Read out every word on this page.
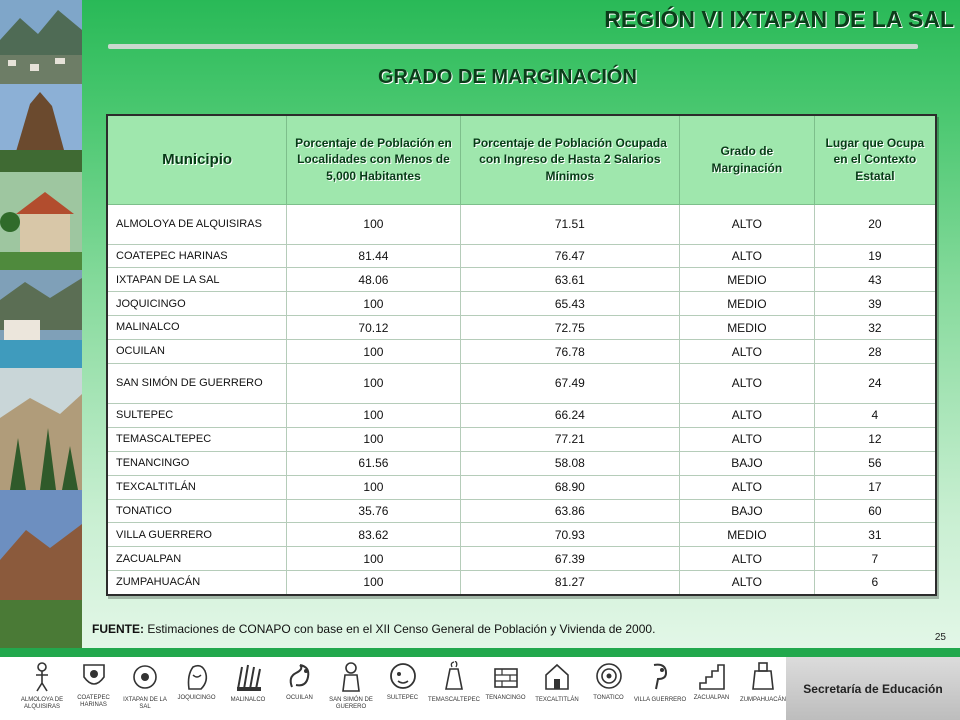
REGIÓN VI IXTAPAN DE LA SAL
GRADO DE MARGINACIÓN
Municipio	Porcentaje de Población en Localidades con Menos de 5,000 Habitantes	Porcentaje de Población Ocupada con Ingreso de Hasta 2 Salarios Mínimos	Grado de Marginación	Lugar que Ocupa
en el Contexto Estatal

ALMOLOYA DE ALQUISIRAS	100	71.51	ALTO	20
COATEPEC HARINAS	81.44	76.47	ALTO	19
IXTAPAN DE LA SAL	48.06	63.61	MEDIO	43
JOQUICINGO	100	65.43	MEDIO	39
MALINALCO	70.12	72.75	MEDIO	32
OCUILAN	100	76.78	ALTO	28
SAN SIMÓN DE GUERRERO	100	67.49	ALTO	24
SULTEPEC	100	66.24	ALTO	4
TEMASCALTEPEC	100	77.21	ALTO	12
TENANCINGO	61.56	58.08	BAJO	56
TEXCALTITLÁN	100	68.90	ALTO	17
TONATICO	35.76	63.86	BAJO	60
VILLA GUERRERO	83.62	70.93	MEDIO	31
ZACUALPAN	100	67.39	ALTO	7
ZUMPAHUACÁN	100	81.27	ALTO	6
FUENTE: Estimaciones de CONAPO con base en el XII Censo General de Población y Vivienda de 2000.
25
ALMOLOYA DE ALQUISIRAS
COATEPEC HARINAS
IXTAPAN DE LA SAL
JOQUICINGO	MALINALCO	OCUILAN	SAN SIMÓN DE GUERERO
SULTEPEC	TEMASCALTEPEC TENANCINGO	TEXCALTITLÁN	TONATICO	VILLA GUERRERO	ZACUALPAN	ZUMPAHUACÁN
Secretaría de Educación
